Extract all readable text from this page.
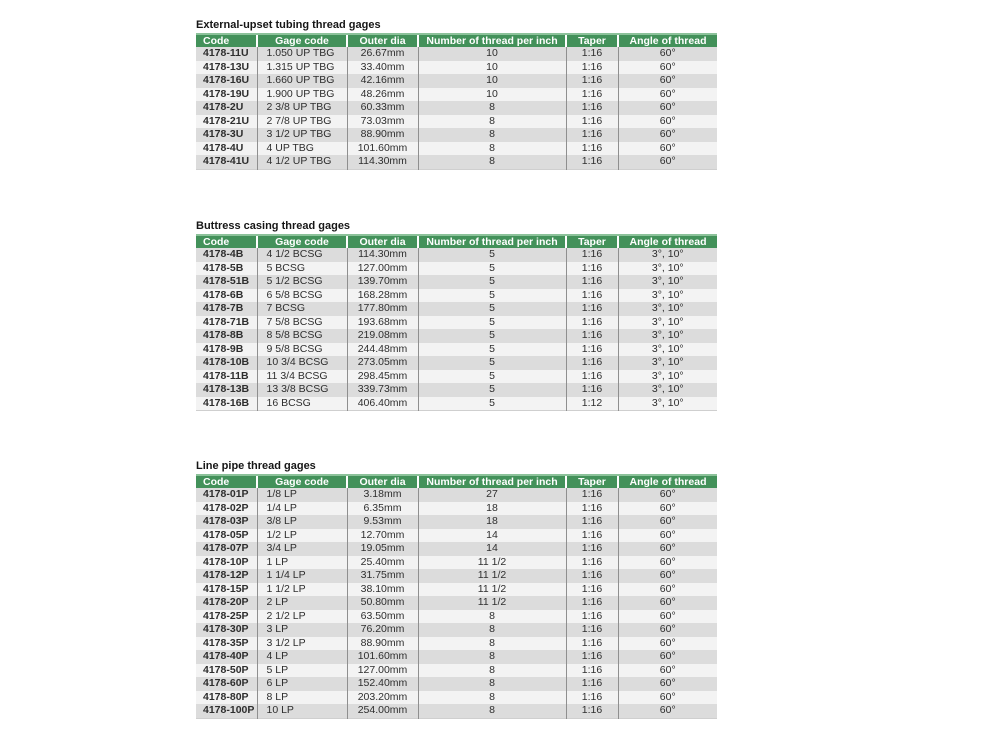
External-upset tubing thread gages
Code	Gage code	Outer dia	Number of thread per inch	Taper	Angle of thread
4178-11U	1.050 UP TBG	26.67mm	10	1:16	60°
4178-13U	1.315 UP TBG	33.40mm	10	1:16	60°
4178-16U	1.660 UP TBG	42.16mm	10	1:16	60°
4178-19U	1.900 UP TBG	48.26mm	10	1:16	60°
4178-2U	2 3/8 UP TBG	60.33mm	8	1:16	60°
4178-21U	2 7/8 UP TBG	73.03mm	8	1:16	60°
4178-3U	3 1/2 UP TBG	88.90mm	8	1:16	60°
4178-4U	4 UP TBG	101.60mm	8	1:16	60°
4178-41U	4 1/2 UP TBG	114.30mm	8	1:16	60°
Buttress casing thread gages
Code	Gage code	Outer dia	Number of thread per inch	Taper	Angle of thread
4178-4B	4 1/2 BCSG	114.30mm	5	1:16	3°, 10°
4178-5B	5 BCSG	127.00mm	5	1:16	3°, 10°
4178-51B	5 1/2 BCSG	139.70mm	5	1:16	3°, 10°
4178-6B	6 5/8 BCSG	168.28mm	5	1:16	3°, 10°
4178-7B	7 BCSG	177.80mm	5	1:16	3°, 10°
4178-71B	7 5/8 BCSG	193.68mm	5	1:16	3°, 10°
4178-8B	8 5/8 BCSG	219.08mm	5	1:16	3°, 10°
4178-9B	9 5/8 BCSG	244.48mm	5	1:16	3°, 10°
4178-10B	10 3/4 BCSG	273.05mm	5	1:16	3°, 10°
4178-11B	11 3/4 BCSG	298.45mm	5	1:16	3°, 10°
4178-13B	13 3/8 BCSG	339.73mm	5	1:16	3°, 10°
4178-16B	16 BCSG	406.40mm	5	1:12	3°, 10°
Line pipe thread gages
Code	Gage code	Outer dia	Number of thread per inch	Taper	Angle of thread
4178-01P	1/8 LP	3.18mm	27	1:16	60°
4178-02P	1/4 LP	6.35mm	18	1:16	60°
4178-03P	3/8 LP	9.53mm	18	1:16	60°
4178-05P	1/2 LP	12.70mm	14	1:16	60°
4178-07P	3/4 LP	19.05mm	14	1:16	60°
4178-10P	1 LP	25.40mm	11 1/2	1:16	60°
4178-12P	1 1/4 LP	31.75mm	11 1/2	1:16	60°
4178-15P	1 1/2 LP	38.10mm	11 1/2	1:16	60°
4178-20P	2 LP	50.80mm	11 1/2	1:16	60°
4178-25P	2 1/2 LP	63.50mm	8	1:16	60°
4178-30P	3 LP	76.20mm	8	1:16	60°
4178-35P	3 1/2 LP	88.90mm	8	1:16	60°
4178-40P	4 LP	101.60mm	8	1:16	60°
4178-50P	5 LP	127.00mm	8	1:16	60°
4178-60P	6 LP	152.40mm	8	1:16	60°
4178-80P	8 LP	203.20mm	8	1:16	60°
4178-100P	10 LP	254.00mm	8	1:16	60°
